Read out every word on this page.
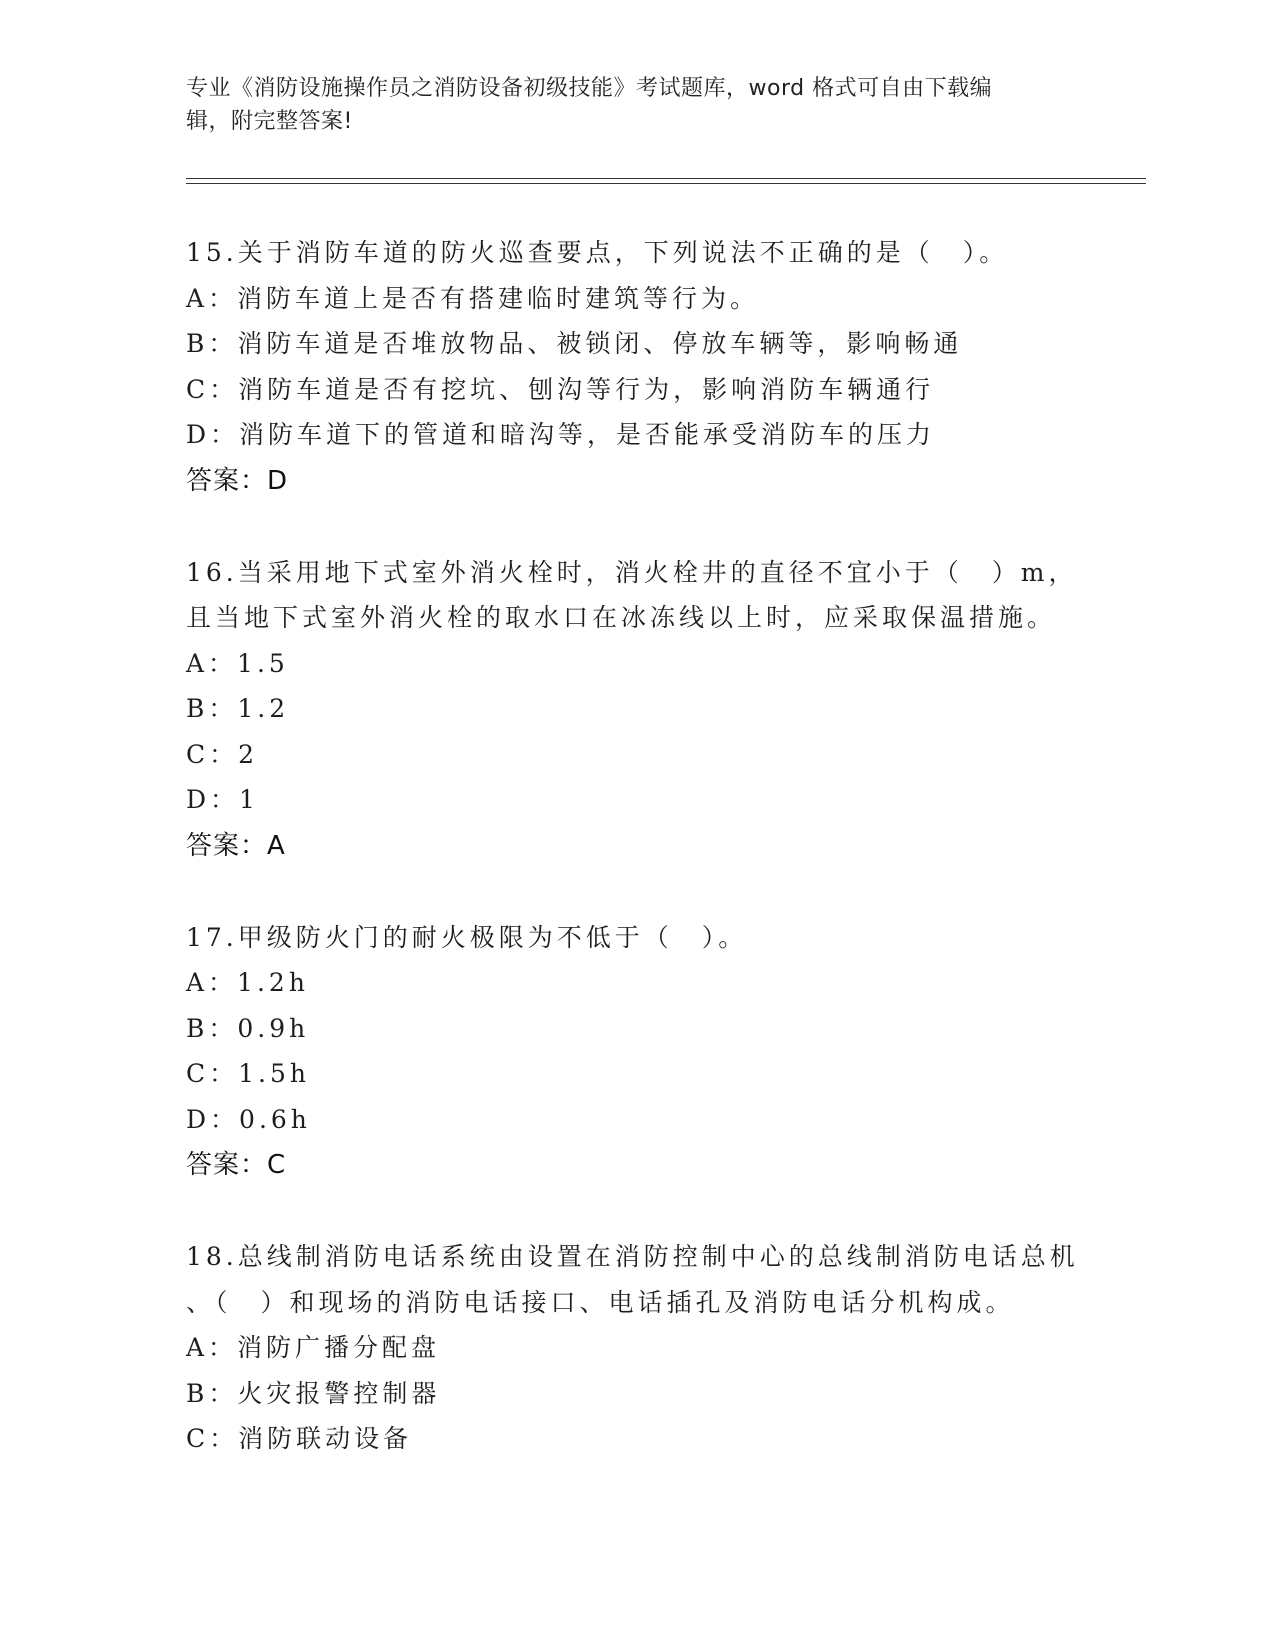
专业《消防设施操作员之消防设备初级技能》考试题库，word 格式可自由下载编
辑，附完整答案!
15.关于消防车道的防火巡查要点，下列说法不正确的是（　）。
A：消防车道上是否有搭建临时建筑等行为。
B：消防车道是否堆放物品、被锁闭、停放车辆等，影响畅通
C：消防车道是否有挖坑、刨沟等行为，影响消防车辆通行
D：消防车道下的管道和暗沟等，是否能承受消防车的压力
答案：D
16.当采用地下式室外消火栓时，消火栓井的直径不宜小于（　）m，
且当地下式室外消火栓的取水口在冰冻线以上时，应采取保温措施。
A：1.5
B：1.2
C：2
D：1
答案：A
17.甲级防火门的耐火极限为不低于（　）。
A：1.2h
B：0.9h
C：1.5h
D：0.6h
答案：C
18.总线制消防电话系统由设置在消防控制中心的总线制消防电话总机
、（　）和现场的消防电话接口、电话插孔及消防电话分机构成。
A：消防广播分配盘
B：火灾报警控制器
C：消防联动设备
